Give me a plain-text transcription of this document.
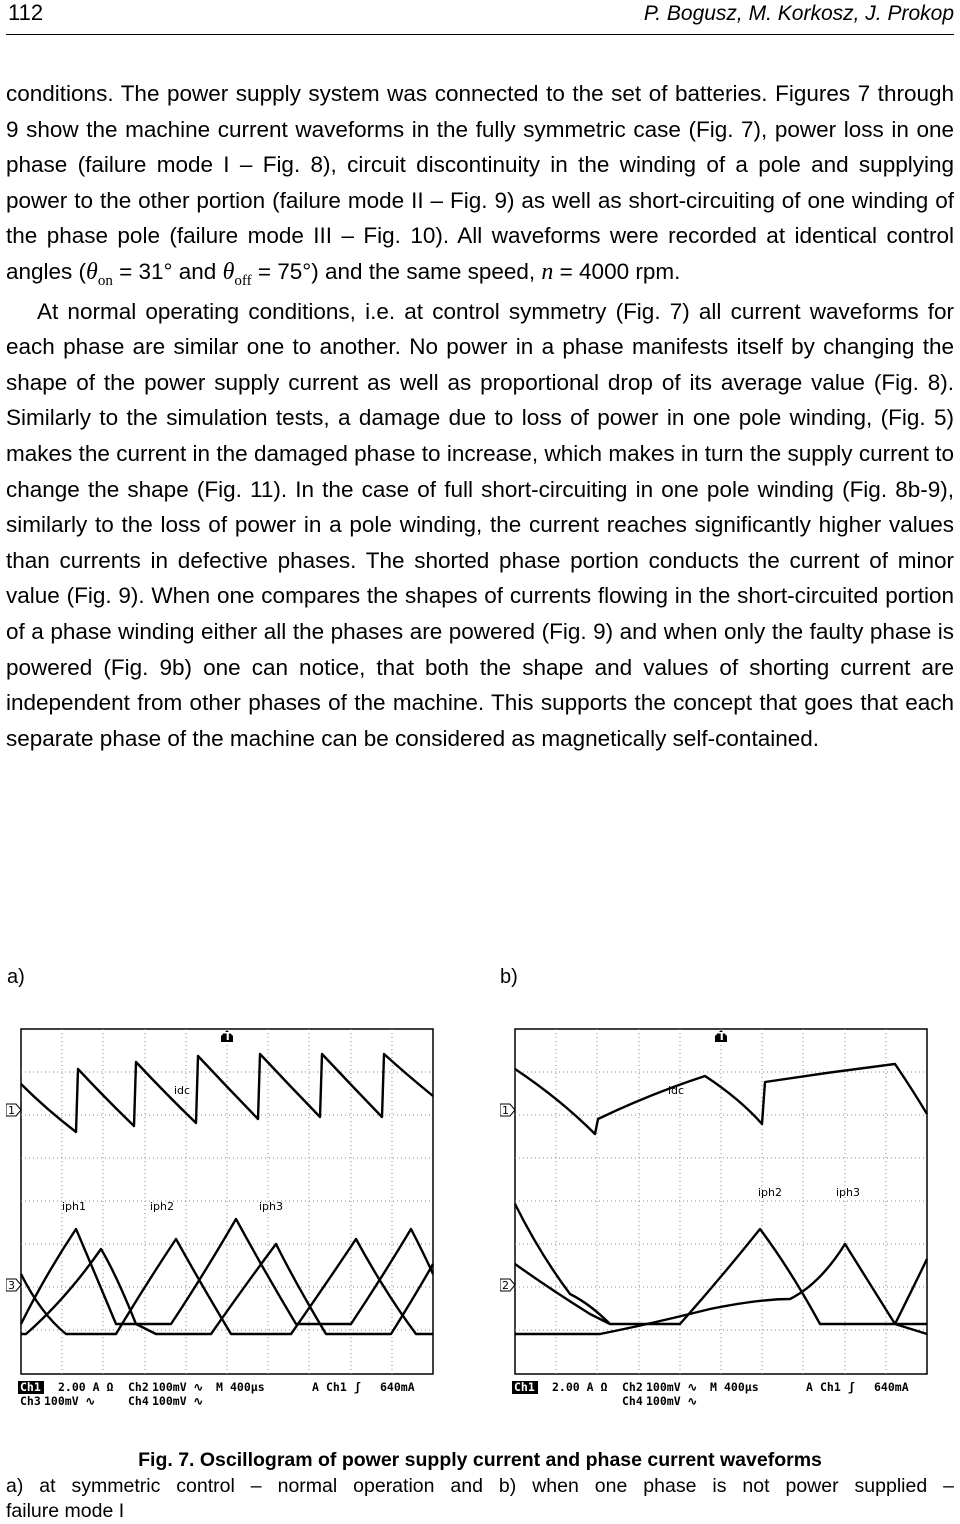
112	P. Bogusz, M. Korkosz, J. Prokop

conditions. The power supply system was connected to the set of batteries. Figures 7 through 9 show the machine current waveforms in the fully symmetric case (Fig. 7), power loss in one phase (failure mode I – Fig. 8), circuit discontinuity in the winding of a pole and supplying power to the other portion (failure mode II – Fig. 9) as well as short-circuiting of one winding of the phase pole (failure mode III – Fig. 10). All waveforms were recorded at identical control angles ($\theta_{on} = 31^\circ$ and $\theta_{off} = 75^\circ$) and the same speed, n = 4000 rpm.

At normal operating conditions, i.e. at control symmetry (Fig. 7) all current waveforms for each phase are similar one to another. No power in a phase manifests itself by changing the shape of the power supply current as well as proportional drop of its average value (Fig. 8). Similarly to the simulation tests, a damage due to loss of power in one pole winding, (Fig. 5) makes the current in the damaged phase to increase, which makes in turn the supply current to change the shape (Fig. 11). In the case of full short-circuiting in one pole winding (Fig. 8b-9), similarly to the loss of power in a pole winding, the current reaches significantly higher values than currents in defective phases. The shorted phase portion conducts the current of minor value (Fig. 9). When one compares the shapes of currents flowing in the short-circuited portion of a phase winding either all the phases are powered (Fig. 9) and when only the faulty phase is powered (Fig. 9b) one can notice, that both the shape and values of shorting current are independent from other phases of the machine. This supports the concept that goes that each separate phase of the machine can be considered as magnetically self-contained.

a)	b)
T
1
3
idc
iph1	iph2	iph3
Ch1 2.00 A Ω Ch2 100mV ∿ M 400µs	A Ch1 ʃ 640mA
Ch3 100mV ∿	Ch4 100mV ∿
T
1
2
idc
iph2	iph3
Ch1 2.00 A Ω Ch2 100mV ∿ M 400µs	A Ch1 ʃ 640mA
Ch4 100mV ∿
Fig. 7. Oscillogram of power supply current and phase current waveforms
a) at symmetric control – normal operation and b) when one phase is not power supplied –
failure mode I
